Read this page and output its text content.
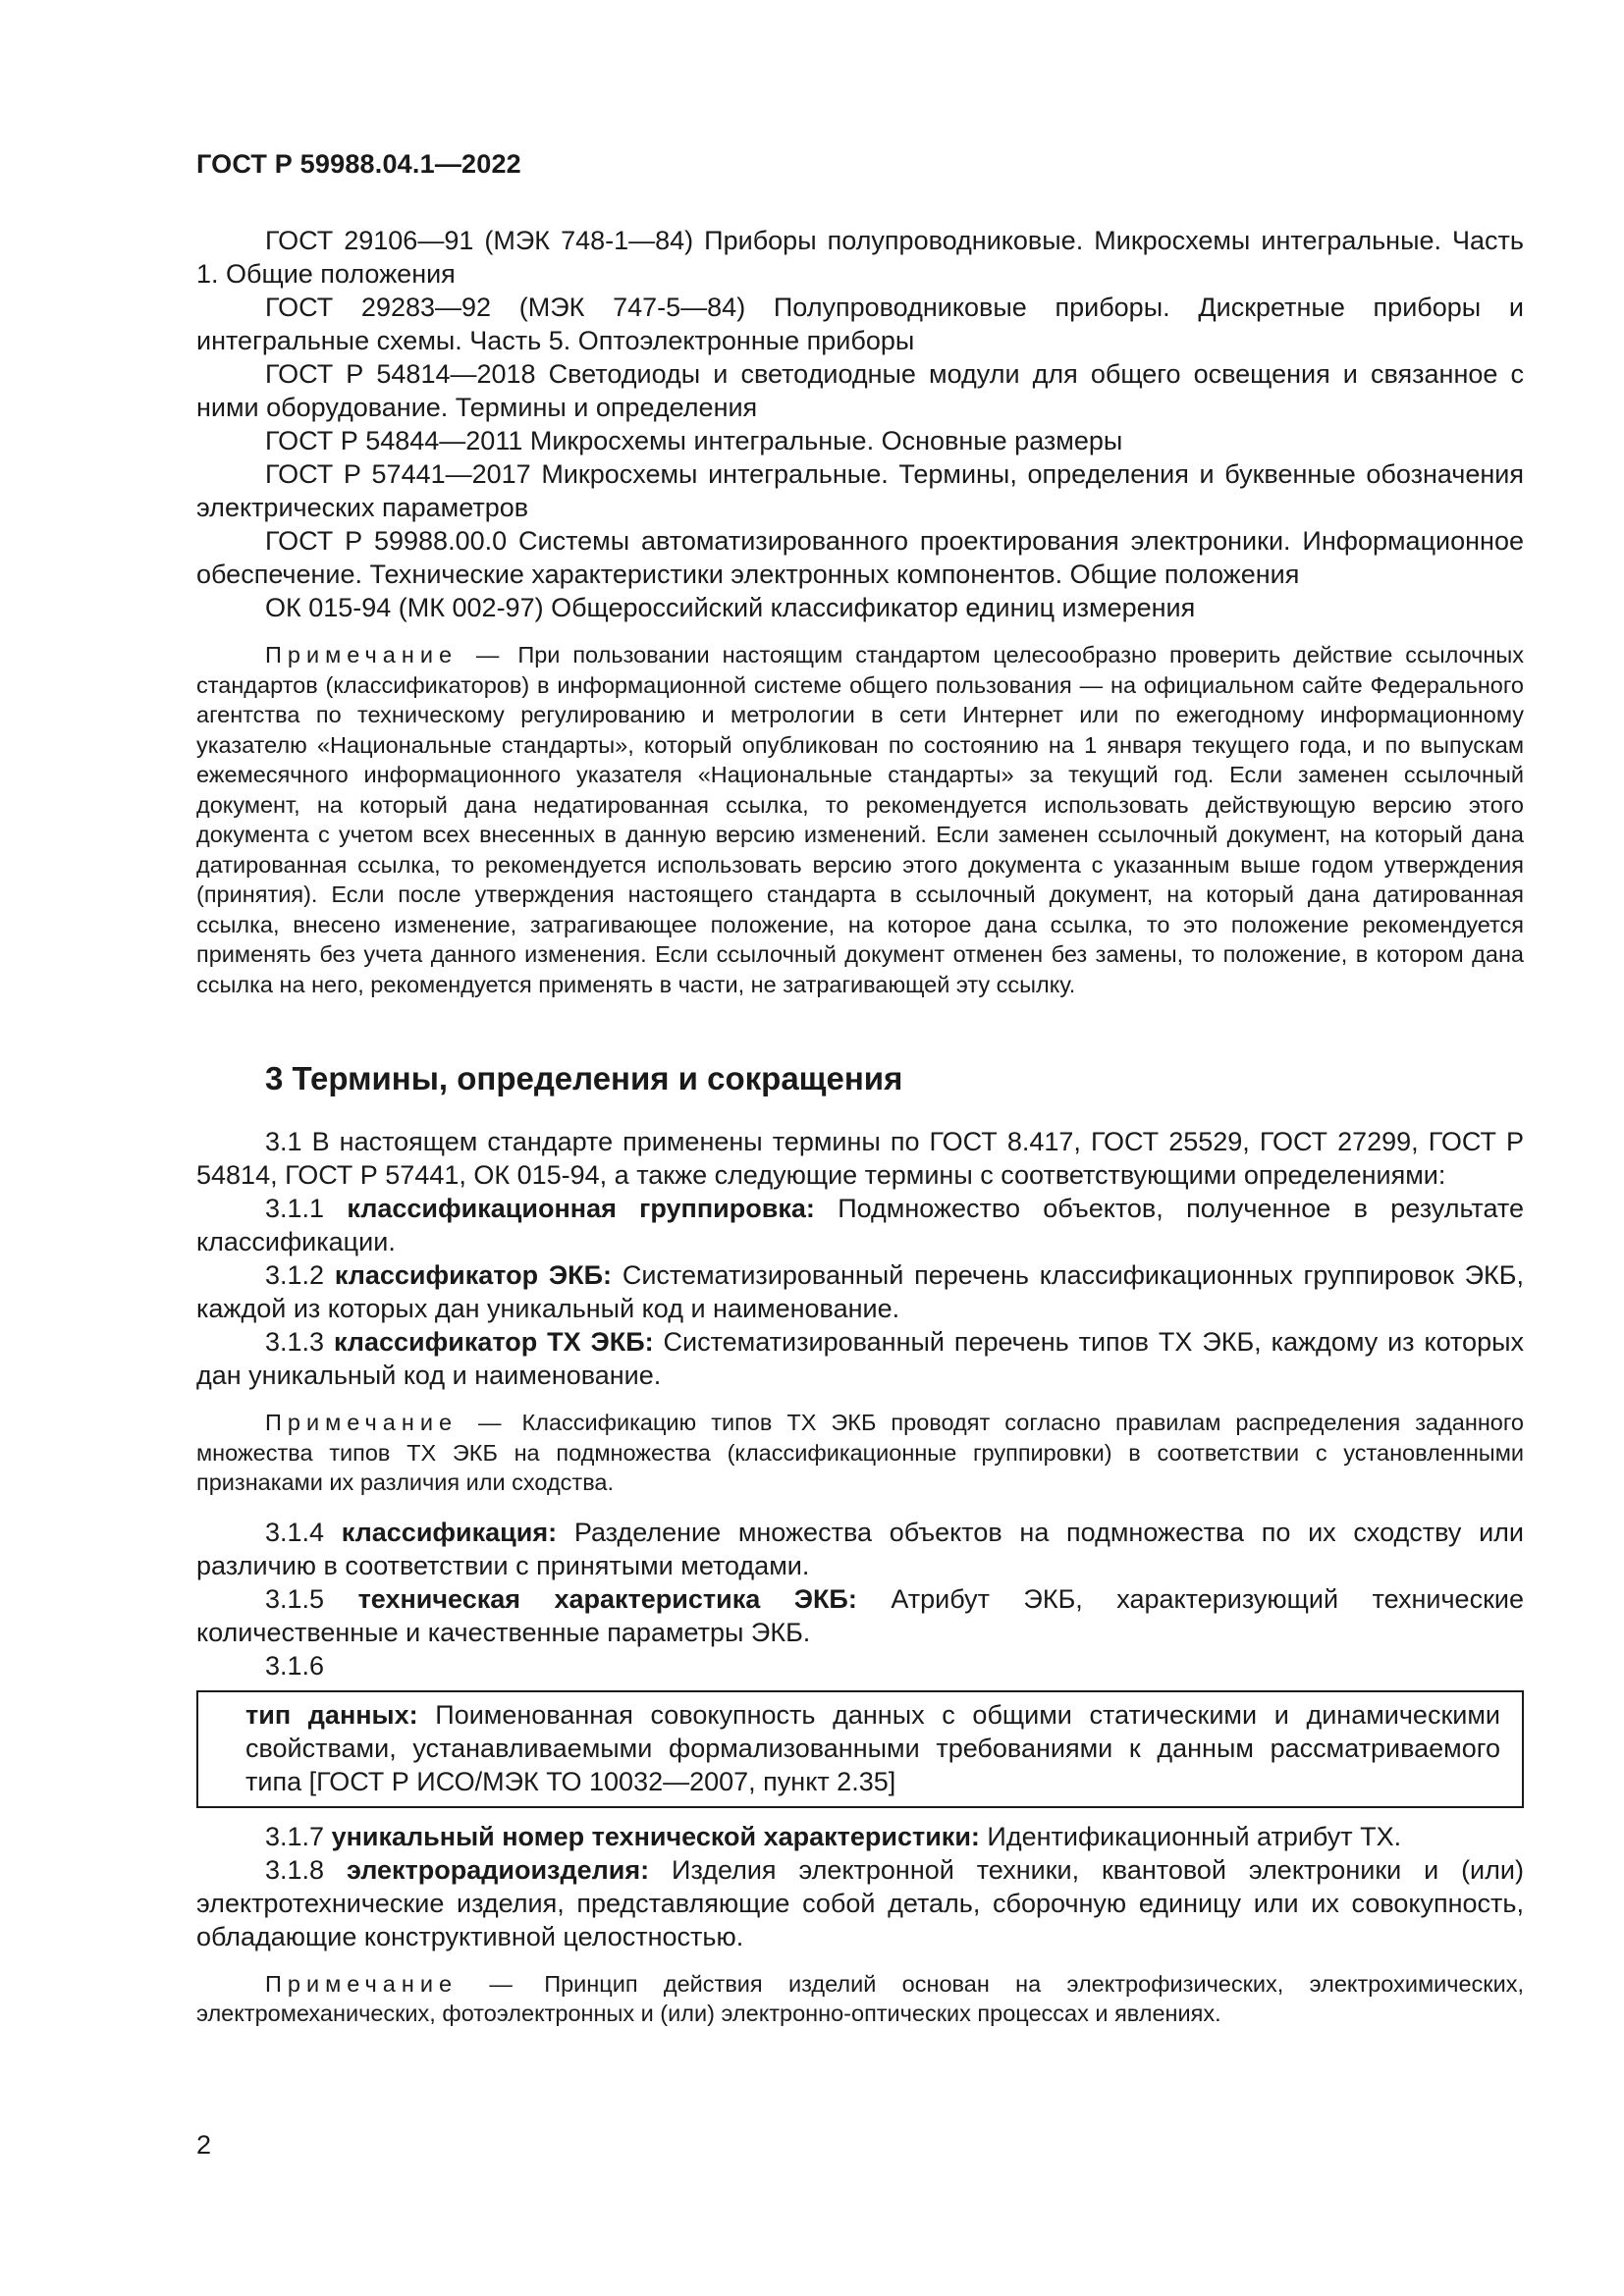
ГОСТ Р 59988.04.1—2022

ГОСТ 29106—91 (МЭК 748-1—84) Приборы полупроводниковые. Микросхемы интегральные. Часть 1. Общие положения

ГОСТ 29283—92 (МЭК 747-5—84) Полупроводниковые приборы. Дискретные приборы и интегральные схемы. Часть 5. Оптоэлектронные приборы

ГОСТ Р 54814—2018 Светодиоды и светодиодные модули для общего освещения и связанное с ними оборудование. Термины и определения

ГОСТ Р 54844—2011 Микросхемы интегральные. Основные размеры

ГОСТ Р 57441—2017 Микросхемы интегральные. Термины, определения и буквенные обозначения электрических параметров

ГОСТ Р 59988.00.0 Системы автоматизированного проектирования электроники. Информационное обеспечение. Технические характеристики электронных компонентов. Общие положения

ОК 015-94 (МК 002-97) Общероссийский классификатор единиц измерения

Примечание — При пользовании настоящим стандартом целесообразно проверить действие ссылочных стандартов (классификаторов) в информационной системе общего пользования — на официальном сайте Федерального агентства по техническому регулированию и метрологии в сети Интернет или по ежегодному информационному указателю «Национальные стандарты», который опубликован по состоянию на 1 января текущего года, и по выпускам ежемесячного информационного указателя «Национальные стандарты» за текущий год. Если заменен ссылочный документ, на который дана недатированная ссылка, то рекомендуется использовать действующую версию этого документа с учетом всех внесенных в данную версию изменений. Если заменен ссылочный документ, на который дана датированная ссылка, то рекомендуется использовать версию этого документа с указанным выше годом утверждения (принятия). Если после утверждения настоящего стандарта в ссылочный документ, на который дана датированная ссылка, внесено изменение, затрагивающее положение, на которое дана ссылка, то это положение рекомендуется применять без учета данного изменения. Если ссылочный документ отменен без замены, то положение, в котором дана ссылка на него, рекомендуется применять в части, не затрагивающей эту ссылку.

3 Термины, определения и сокращения

3.1 В настоящем стандарте применены термины по ГОСТ 8.417, ГОСТ 25529, ГОСТ 27299, ГОСТ Р 54814, ГОСТ Р 57441, ОК 015-94, а также следующие термины с соответствующими определениями:

3.1.1 классификационная группировка: Подмножество объектов, полученное в результате классификации.

3.1.2 классификатор ЭКБ: Систематизированный перечень классификационных группировок ЭКБ, каждой из которых дан уникальный код и наименование.

3.1.3 классификатор ТХ ЭКБ: Систематизированный перечень типов ТХ ЭКБ, каждому из которых дан уникальный код и наименование.

Примечание — Классификацию типов ТХ ЭКБ проводят согласно правилам распределения заданного множества типов ТХ ЭКБ на подмножества (классификационные группировки) в соответствии с установленными признаками их различия или сходства.

3.1.4 классификация: Разделение множества объектов на подмножества по их сходству или различию в соответствии с принятыми методами.

3.1.5 техническая характеристика ЭКБ: Атрибут ЭКБ, характеризующий технические количественные и качественные параметры ЭКБ.

3.1.6

тип данных: Поименованная совокупность данных с общими статическими и динамическими свойствами, устанавливаемыми формализованными требованиями к данным рассматриваемого типа [ГОСТ Р ИСО/МЭК ТО 10032—2007, пункт 2.35]

3.1.7 уникальный номер технической характеристики: Идентификационный атрибут ТХ.

3.1.8 электрорадиоизделия: Изделия электронной техники, квантовой электроники и (или) электротехнические изделия, представляющие собой деталь, сборочную единицу или их совокупность, обладающие конструктивной целостностью.

Примечание — Принцип действия изделий основан на электрофизических, электрохимических, электромеханических, фотоэлектронных и (или) электронно-оптических процессах и явлениях.

2
